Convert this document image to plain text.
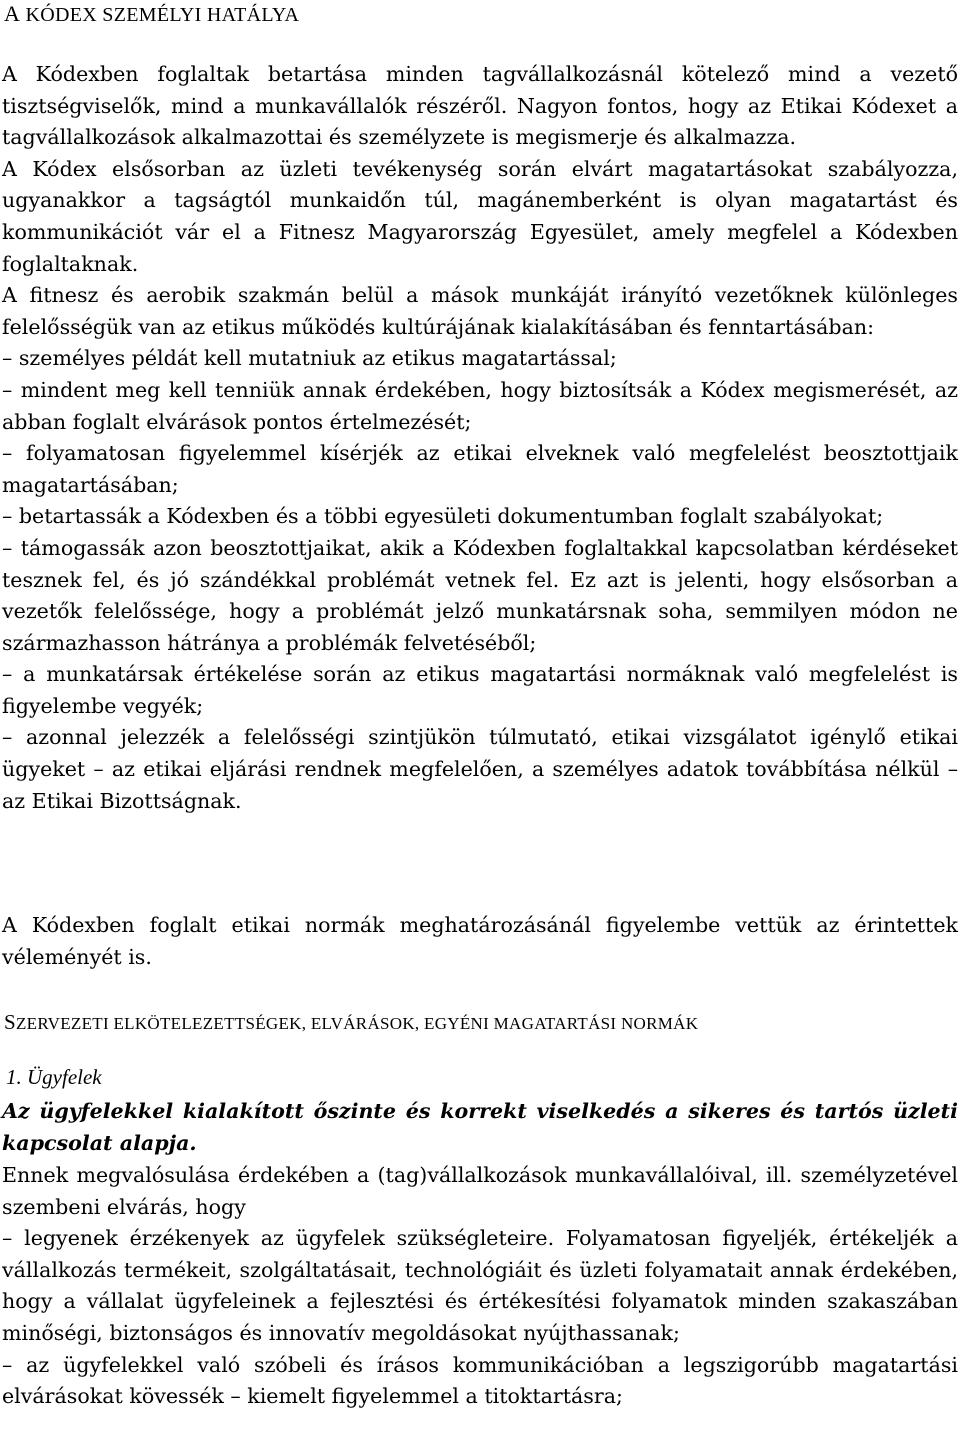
A KÓDEX SZEMÉLYI HATÁLYA

A Kódexben foglaltak betartása minden tagvállalkozásnál kötelező mind a vezető tisztségviselők, mind a munkavállalók részéről. Nagyon fontos, hogy az Etikai Kódexet a tagvállalkozások alkalmazottai és személyzete is megismerje és alkalmazza.

A Kódex elsősorban az üzleti tevékenység során elvárt magatartásokat szabályozza, ugyanakkor a tagságtól munkaidőn túl, magánemberként is olyan magatartást és kommunikációt vár el a Fitnesz Magyarország Egyesület, amely megfelel a Kódexben foglaltaknak.

A fitnesz és aerobik szakmán belül a mások munkáját irányító vezetőknek különleges felelősségük van az etikus működés kultúrájának kialakításában és fenntartásában:

– személyes példát kell mutatniuk az etikus magatartással;

– mindent meg kell tenniük annak érdekében, hogy biztosítsák a Kódex megismerését, az abban foglalt elvárások pontos értelmezését;

– folyamatosan figyelemmel kísérjék az etikai elveknek való megfelelést beosztottjaik magatartásában;

– betartassák a Kódexben és a többi egyesületi dokumentumban foglalt szabályokat;

– támogassák azon beosztottjaikat, akik a Kódexben foglaltakkal kapcsolatban kérdéseket tesznek fel, és jó szándékkal problémát vetnek fel. Ez azt is jelenti, hogy elsősorban a vezetők felelőssége, hogy a problémát jelző munkatársnak soha, semmilyen módon ne származhasson hátránya a problémák felvetéséből;

– a munkatársak értékelése során az etikus magatartási normáknak való megfelelést is figyelembe vegyék;

– azonnal jelezzék a felelősségi szintjükön túlmutató, etikai vizsgálatot igénylő etikai ügyeket – az etikai eljárási rendnek megfelelően, a személyes adatok továbbítása nélkül – az Etikai Bizottságnak.

A Kódexben foglalt etikai normák meghatározásánál figyelembe vettük az érintettek véleményét is.

SZERVEZETI ELKÖTELEZETTSÉGEK, ELVÁRÁSOK, EGYÉNI MAGATARTÁSI NORMÁK
1. Ügyfelek
Az ügyfelekkel kialakított őszinte és korrekt viselkedés a sikeres és tartós üzleti kapcsolat alapja.

Ennek megvalósulása érdekében a (tag)vállalkozások munkavállalóival, ill. személyzetével szembeni elvárás, hogy

– legyenek érzékenyek az ügyfelek szükségleteire. Folyamatosan figyeljék, értékeljék a vállalkozás termékeit, szolgáltatásait, technológiáit és üzleti folyamatait annak érdekében, hogy a vállalat ügyfeleinek a fejlesztési és értékesítési folyamatok minden szakaszában minőségi, biztonságos és innovatív megoldásokat nyújthassanak;

– az ügyfelekkel való szóbeli és írásos kommunikációban a legszigorúbb magatartási elvárásokat kövessék – kiemelt figyelemmel a titoktartásra;
